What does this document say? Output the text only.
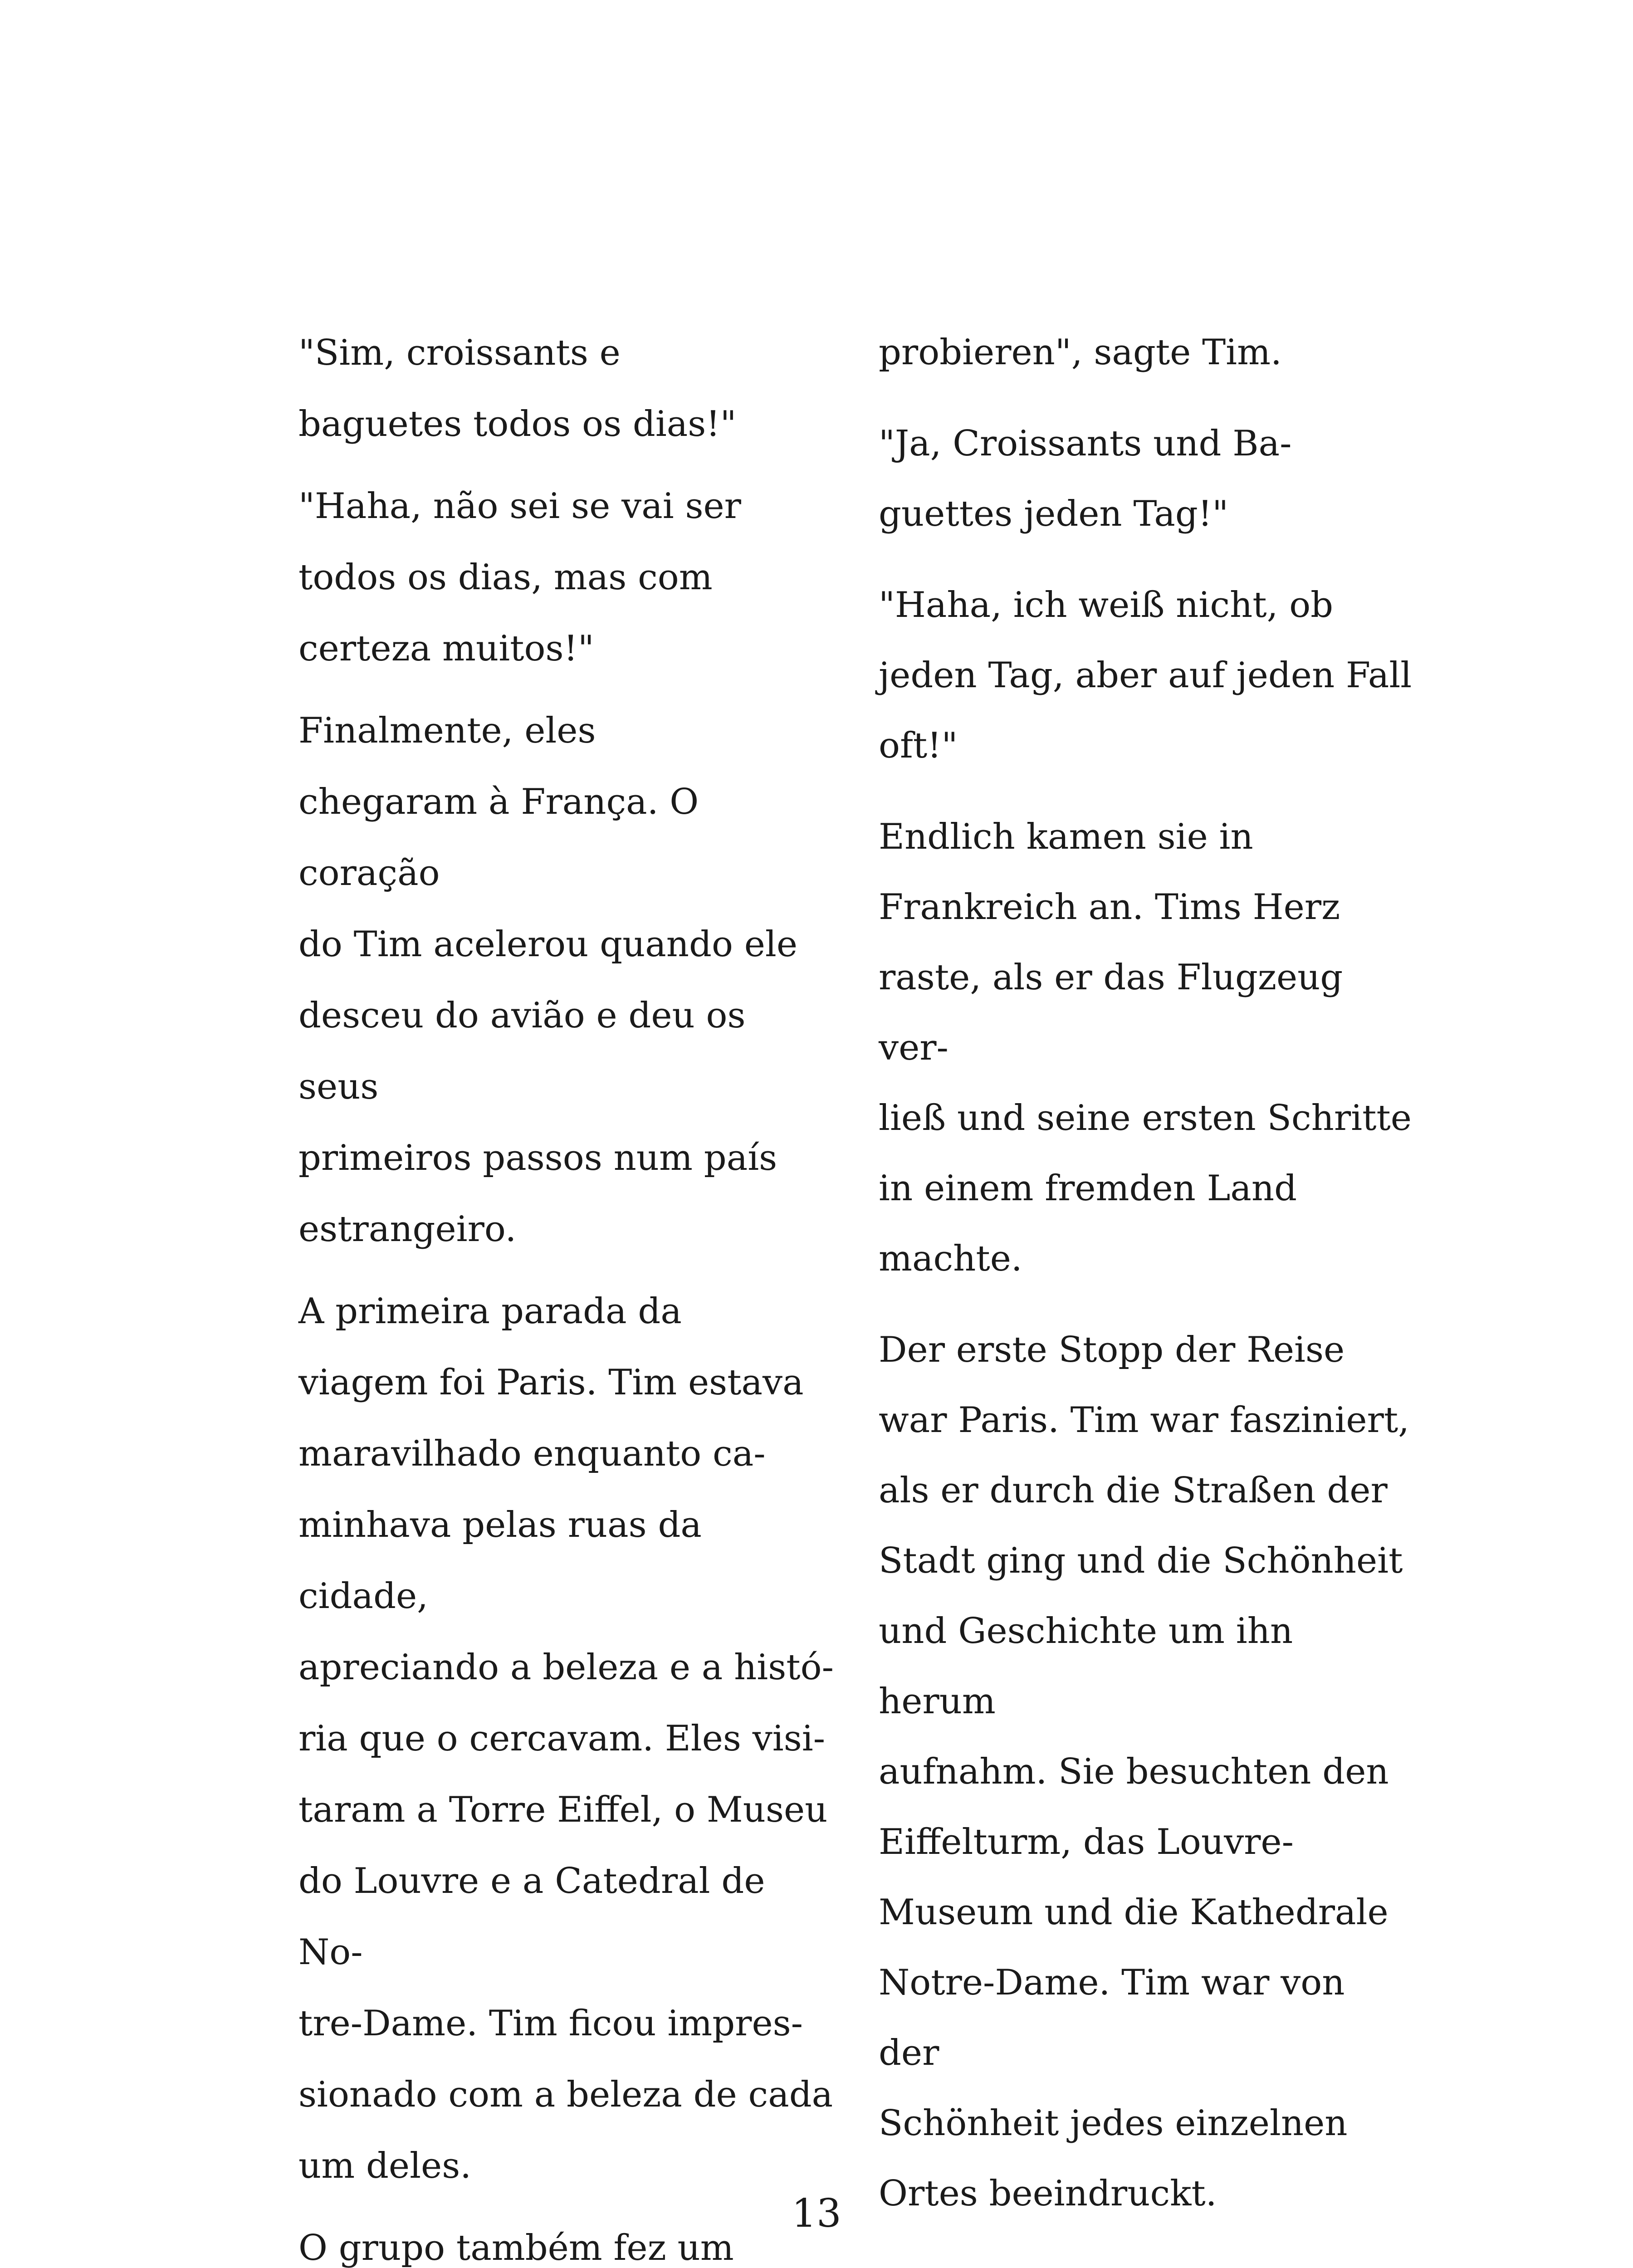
"Sim, croissants e
baguetes todos os dias!"

"Haha, não sei se vai ser
todos os dias, mas com
certeza muitos!"

Finalmente, eles
chegaram à França. O coração
do Tim acelerou quando ele
desceu do avião e deu os seus
primeiros passos num país
estrangeiro.

A primeira parada da
viagem foi Paris. Tim estava
maravilhado enquanto ca-
minhava pelas ruas da cidade,
apreciando a beleza e a histó-
ria que o cercavam. Eles visi-
taram a Torre Eiffel, o Museu
do Louvre e a Catedral de No-
tre-Dame. Tim ficou impres-
sionado com a beleza de cada
um deles.

O grupo também fez um

probieren", sagte Tim.

"Ja, Croissants und Ba-
guettes jeden Tag!"

"Haha, ich weiß nicht, ob
jeden Tag, aber auf jeden Fall
oft!"

Endlich kamen sie in
Frankreich an. Tims Herz
raste, als er das Flugzeug ver-
ließ und seine ersten Schritte
in einem fremden Land
machte.

Der erste Stopp der Reise
war Paris. Tim war fasziniert,
als er durch die Straßen der
Stadt ging und die Schönheit
und Geschichte um ihn herum
aufnahm. Sie besuchten den
Eiffelturm, das Louvre-
Museum und die Kathedrale
Notre-Dame. Tim war von der
Schönheit jedes einzelnen
Ortes beeindruckt.

13
